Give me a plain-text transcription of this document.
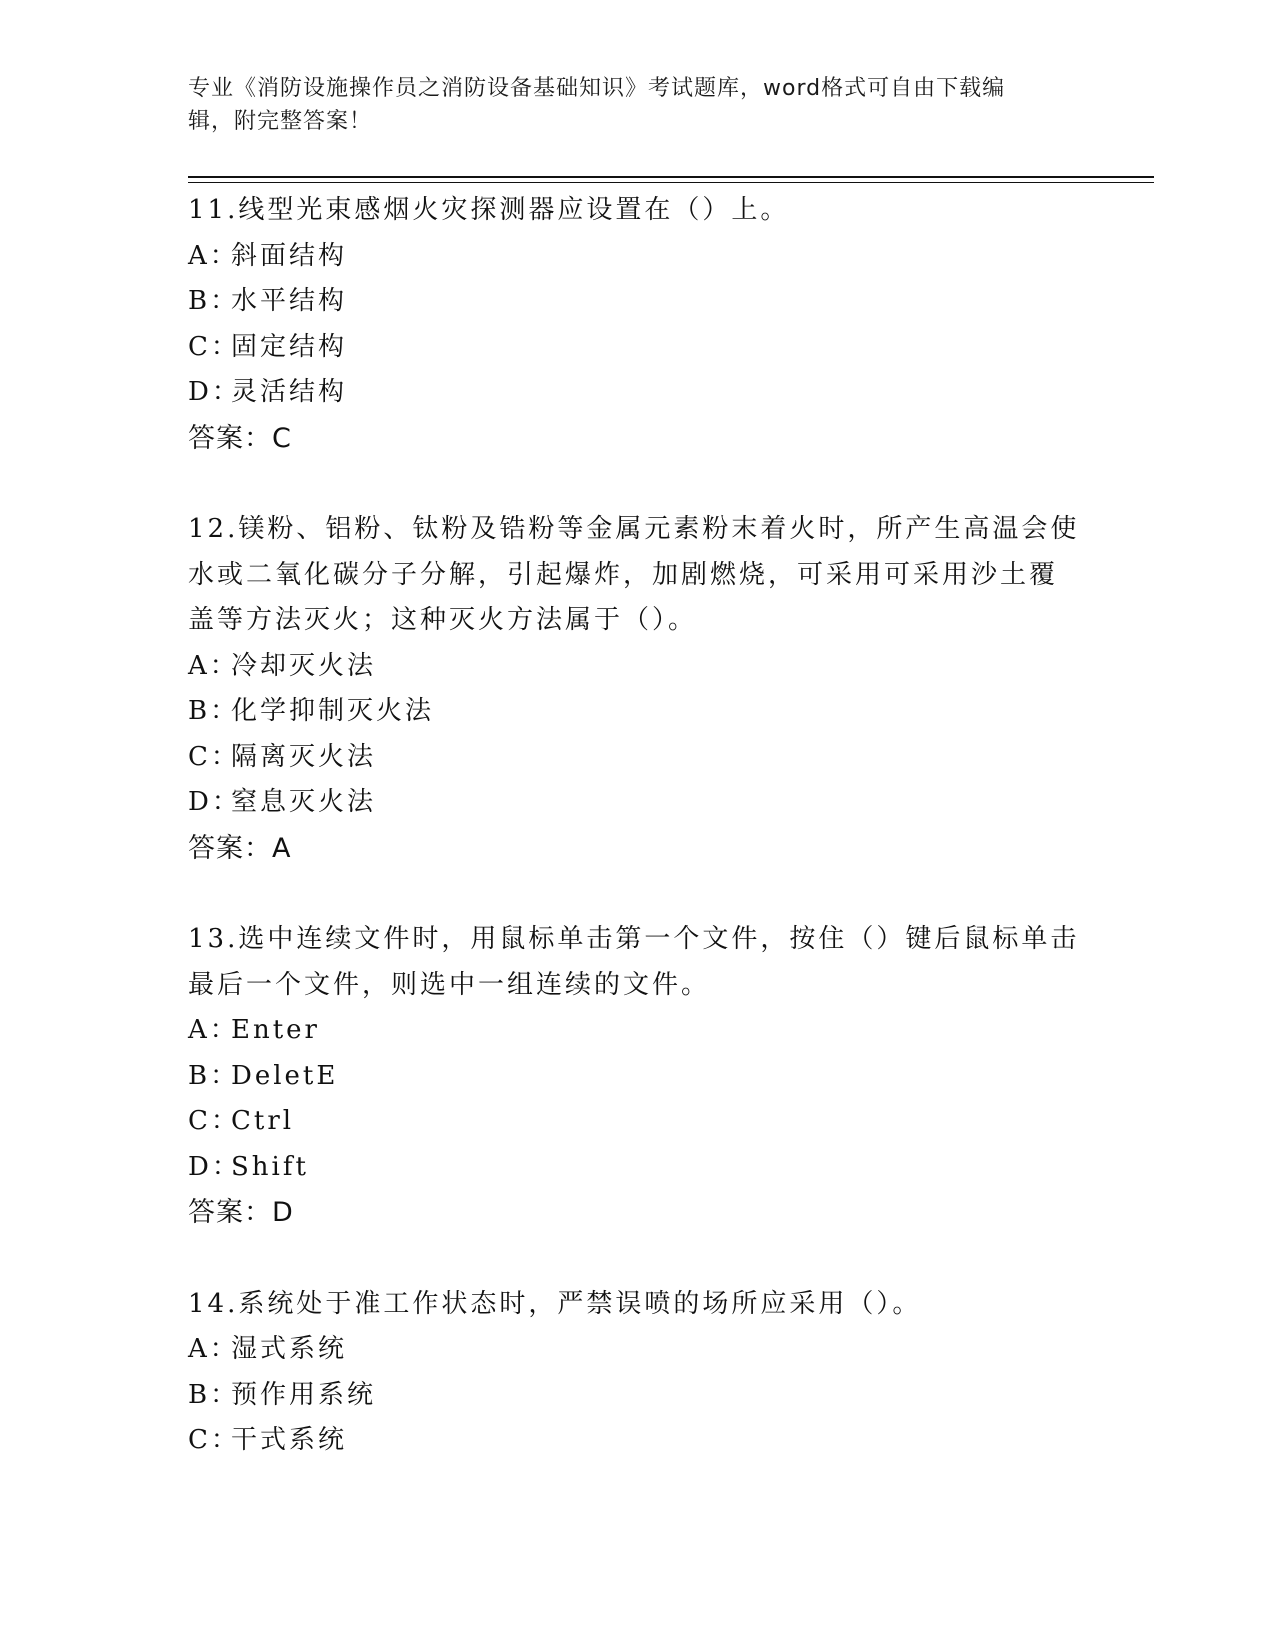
专业《消防设施操作员之消防设备基础知识》考试题库，word格式可自由下载编
辑，附完整答案！

11.线型光束感烟火灾探测器应设置在（）上。

A：斜面结构

B：水平结构

C：固定结构

D：灵活结构

答案：C

12.镁粉、铝粉、钛粉及锆粉等金属元素粉末着火时，所产生高温会使

水或二氧化碳分子分解，引起爆炸，加剧燃烧，可采用可采用沙土覆

盖等方法灭火；这种灭火方法属于（）。

A：冷却灭火法

B：化学抑制灭火法

C：隔离灭火法

D：窒息灭火法

答案：A

13.选中连续文件时，用鼠标单击第一个文件，按住（）键后鼠标单击

最后一个文件，则选中一组连续的文件。

A：Enter

B：DeletE

C：Ctrl

D：Shift

答案：D

14.系统处于准工作状态时，严禁误喷的场所应采用（）。

A：湿式系统

B：预作用系统

C：干式系统
